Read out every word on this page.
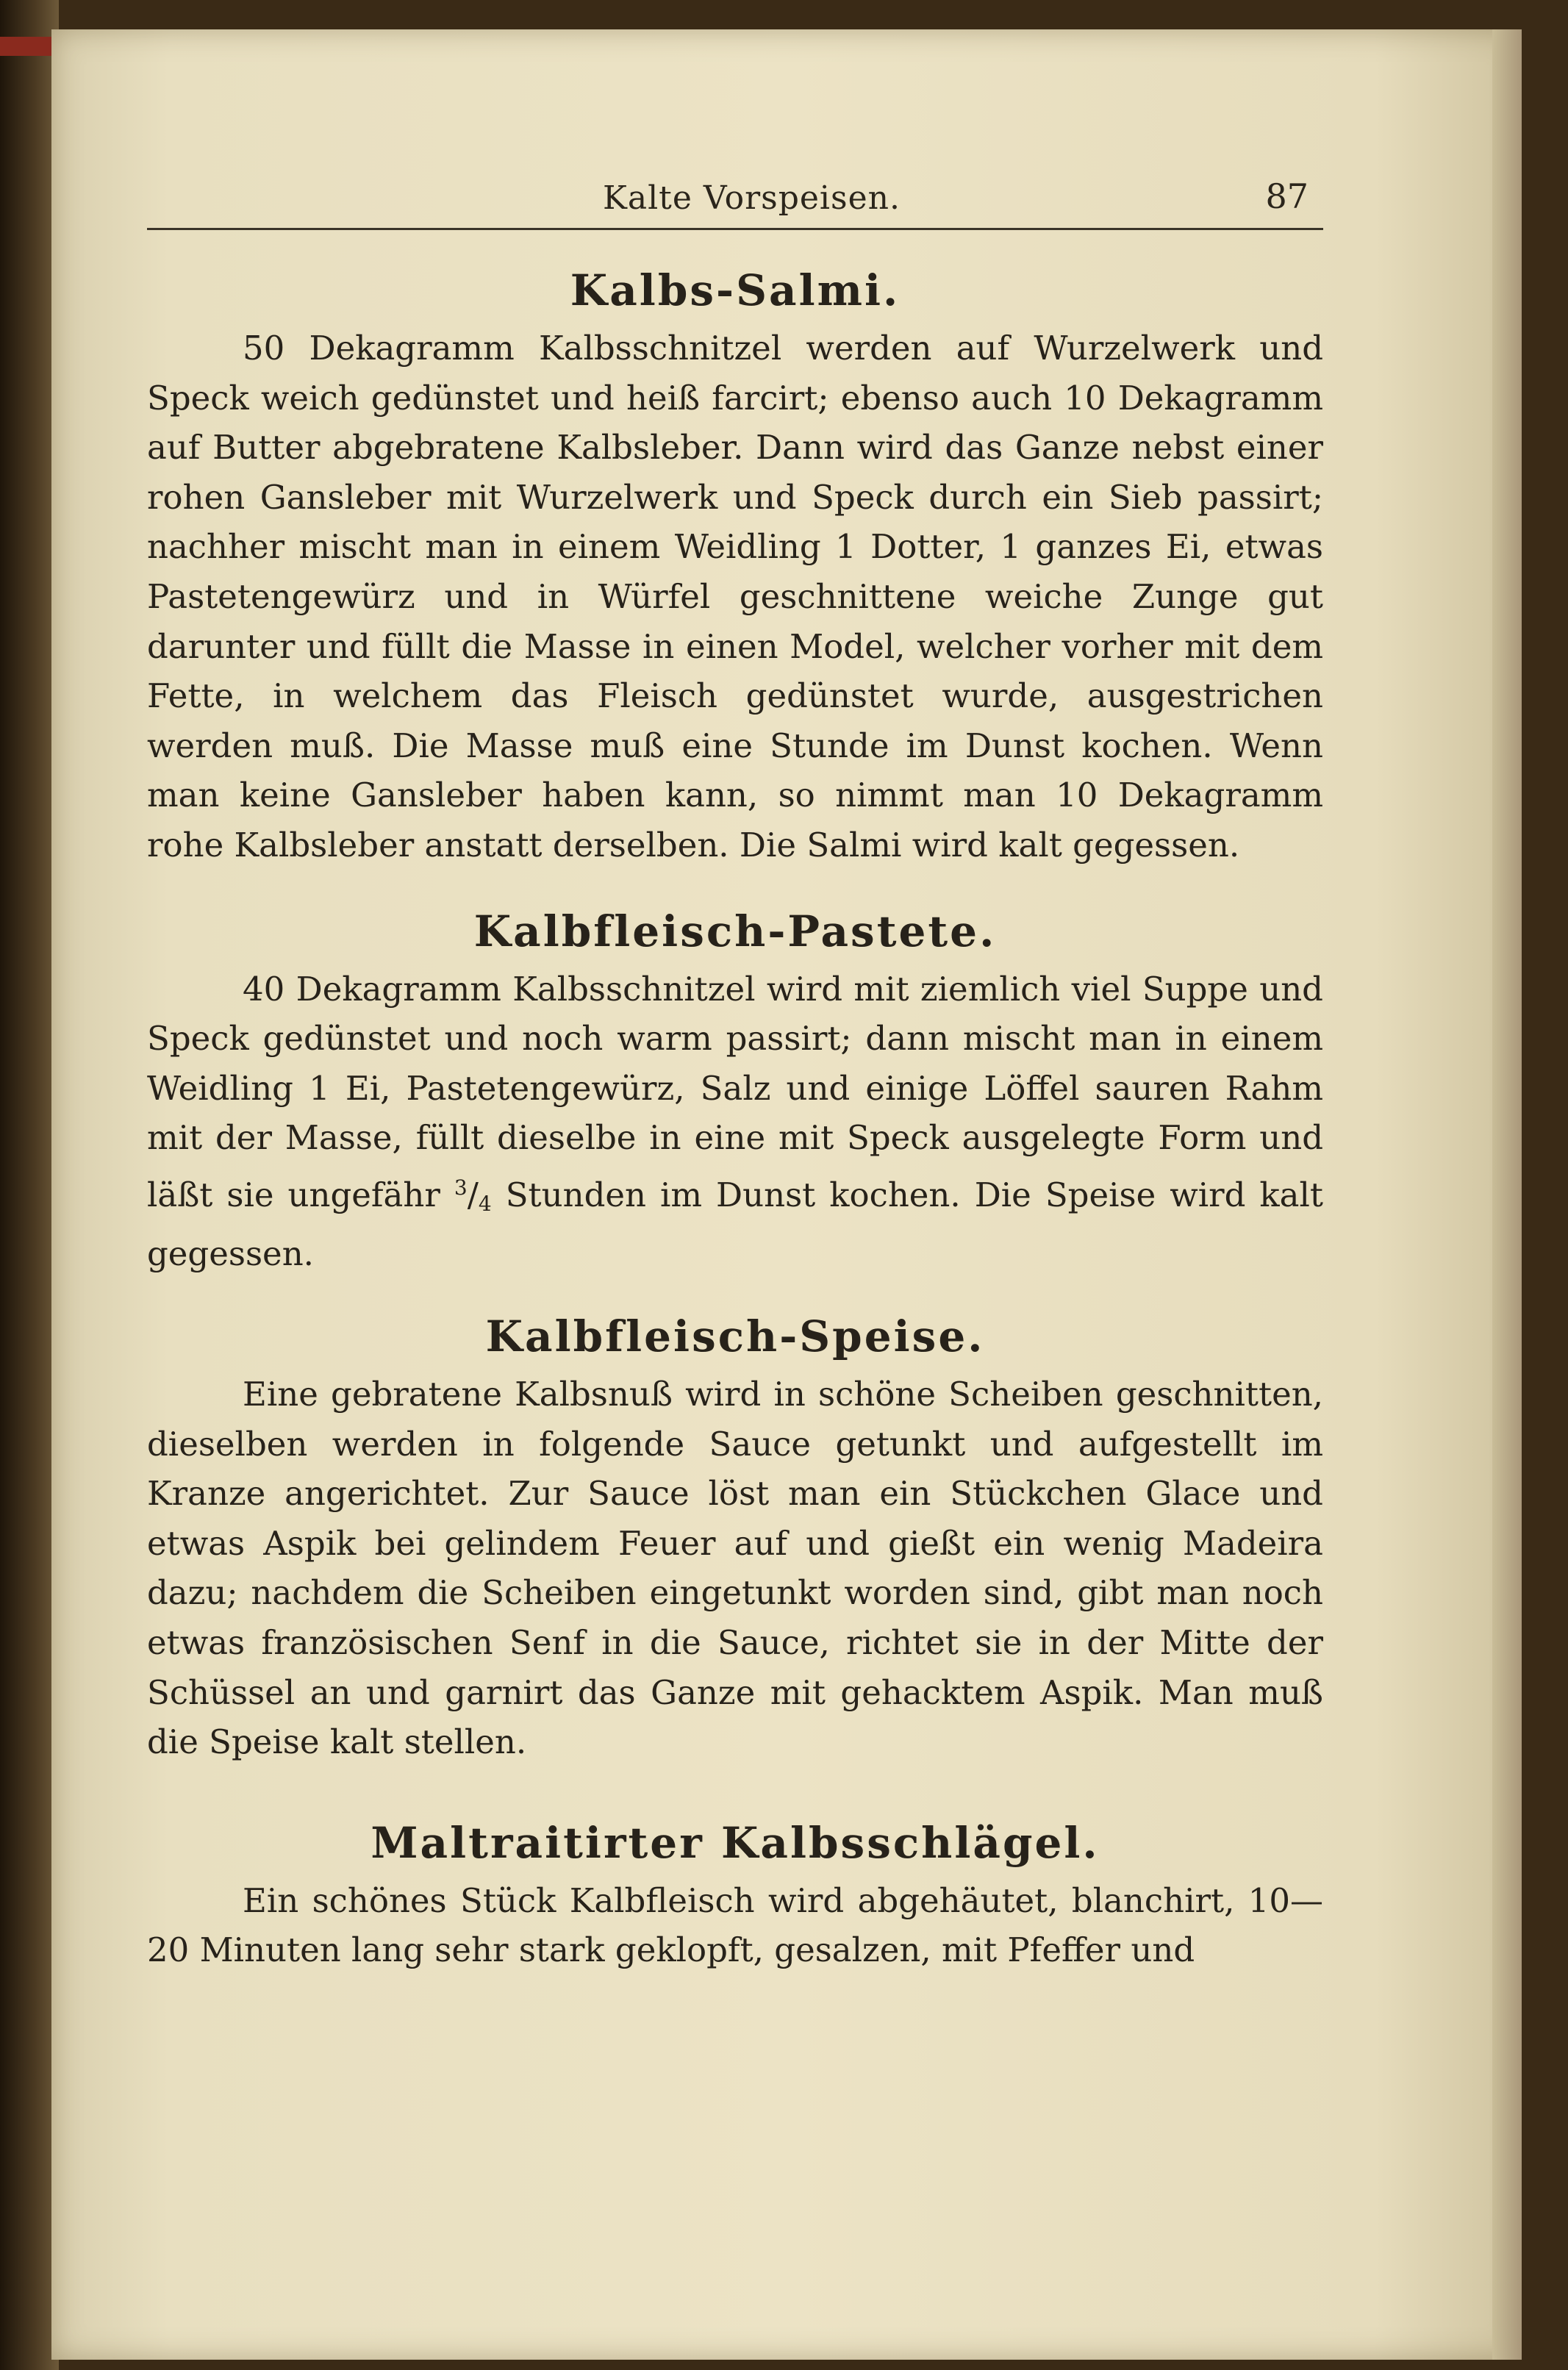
Kalte Vorspeisen.	87
Kalbs-Salmi.

50 Dekagramm Kalbsschnitzel werden auf Wurzelwerk und Speck weich gedünstet und heiß farcirt; ebenso auch 10 Dekagramm auf Butter abgebratene Kalbsleber. Dann wird das Ganze nebst einer rohen Gansleber mit Wurzelwerk und Speck durch ein Sieb passirt; nachher mischt man in einem Weidling 1 Dotter, 1 ganzes Ei, etwas Pastetengewürz und in Würfel geschnittene weiche Zunge gut darunter und füllt die Masse in einen Model, welcher vorher mit dem Fette, in welchem das Fleisch gedünstet wurde, ausgestrichen werden muß. Die Masse muß eine Stunde im Dunst kochen. Wenn man keine Gansleber haben kann, so nimmt man 10 Dekagramm rohe Kalbsleber anstatt derselben. Die Salmi wird kalt gegessen.

Kalbfleisch-Pastete.

40 Dekagramm Kalbsschnitzel wird mit ziemlich viel Suppe und Speck gedünstet und noch warm passirt; dann mischt man in einem Weidling 1 Ei, Pastetengewürz, Salz und einige Löffel sauren Rahm mit der Masse, füllt dieselbe in eine mit Speck ausgelegte Form und läßt sie ungefähr $^3/_4$ Stunden im Dunst kochen. Die Speise wird kalt gegessen.

Kalbfleisch-Speise.

Eine gebratene Kalbsnuß wird in schöne Scheiben geschnitten, dieselben werden in folgende Sauce getunkt und aufgestellt im Kranze angerichtet. Zur Sauce löst man ein Stückchen Glace und etwas Aspik bei gelindem Feuer auf und gießt ein wenig Madeira dazu; nachdem die Scheiben eingetunkt worden sind, gibt man noch etwas französischen Senf in die Sauce, richtet sie in der Mitte der Schüssel an und garnirt das Ganze mit gehacktem Aspik. Man muß die Speise kalt stellen.

Maltraitirter Kalbsschlägel.

Ein schönes Stück Kalbfleisch wird abgehäutet, blanchirt, 10—20 Minuten lang sehr stark geklopft, gesalzen, mit Pfeffer und
